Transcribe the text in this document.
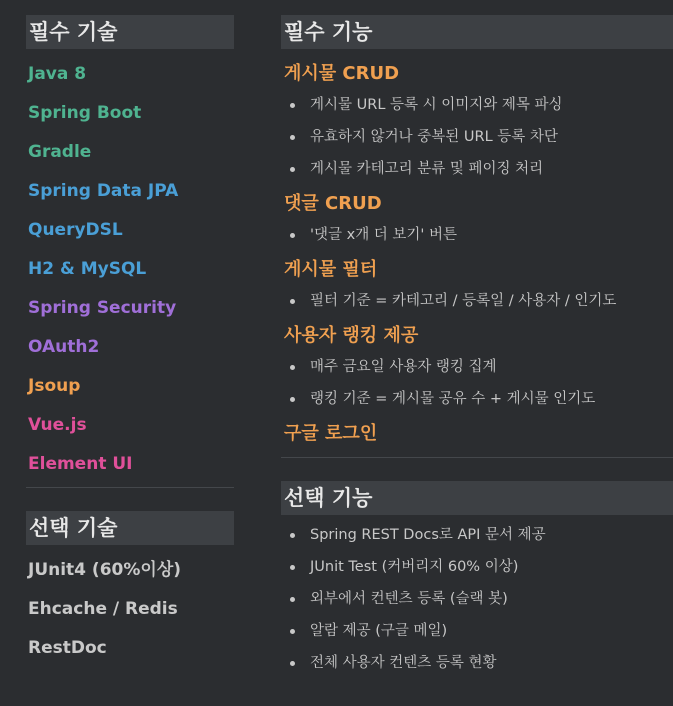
필수 기술
Java 8
Spring Boot
Gradle
Spring Data JPA
QueryDSL
H2 & MySQL
Spring Security
OAuth2
Jsoup
Vue.js
Element UI
선택 기술
JUnit4 (60%이상)
Ehcache / Redis
RestDoc
필수 기능
게시물 CRUD
게시물 URL 등록 시 이미지와 제목 파싱
유효하지 않거나 중복된 URL 등록 차단
게시물 카테고리 분류 및 페이징 처리
댓글 CRUD
'댓글 x개 더 보기' 버튼
게시물 필터
필터 기준 = 카테고리 / 등록일 / 사용자 / 인기도
사용자 랭킹 제공
매주 금요일 사용자 랭킹 집계
랭킹 기준 = 게시물 공유 수 + 게시물 인기도
구글 로그인
선택 기능
Spring REST Docs로 API 문서 제공
JUnit Test (커버리지 60% 이상)
외부에서 컨텐츠 등록 (슬랙 봇)
알람 제공 (구글 메일)
전체 사용자 컨텐츠 등록 현황
